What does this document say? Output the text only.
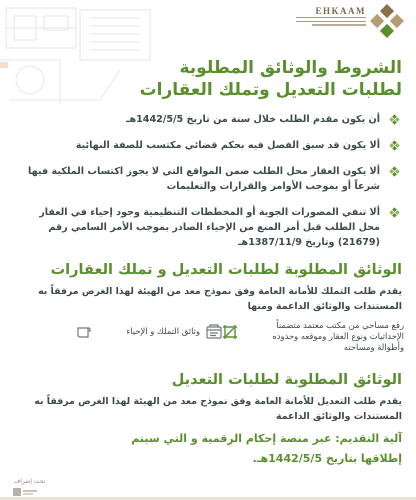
EHKAAM
الشروط والوثائق المطلوبة
لطلبات التعديل وتملك العقارات
أن يكون مقدم الطلب خلال سنة من تاريخ 1442/5/5هـ
ألا يكون قد سبق الفصل فيه بحكم قضائي مكتسب للصفة النهائية
ألا يكون العقار محل الطلب ضمن المواقع التي لا يجوز اكتساب الملكية فيها شرعاً أو بموجب الأوامر والقرارات والتعليمات
ألا تنفي المصورات الجوية أو المخططات التنظيمية وجود إحياء في العقار محل الطلب قبل أمر المنع من الإحياء الصادر بموجب الأمر السامي رقم (21679) وتاريخ 1387/11/9هـ
الوثائق المطلوبة لطلبات التعديل و تملك العقارات
يقدم طلب التملك للأمانة العامة وفق نموذج معد من الهيئة لهذا الغرض مرفقاً به المستندات والوثائق الداعمة ومنها
رفع مساحي من مكتب معتمد متضمناً الإحداثيات ونوع العقار وموقعه وحدوده وأطوالة ومساحته
وثائق التملك و الإحياء
الوثائق المطلوبة لطلبات التعديل
يقدم طلب التعديل للأمانة العامة وفق نموذج معد من الهيئة لهذا الغرض مرفقاً به المستندات والوثائق الداعمة
آلية التقديم: عبر منصة إحكام الرقمية و التي سيتم
إطلاقها بتاريخ 1442/5/5هـ.
تحت إشراف
